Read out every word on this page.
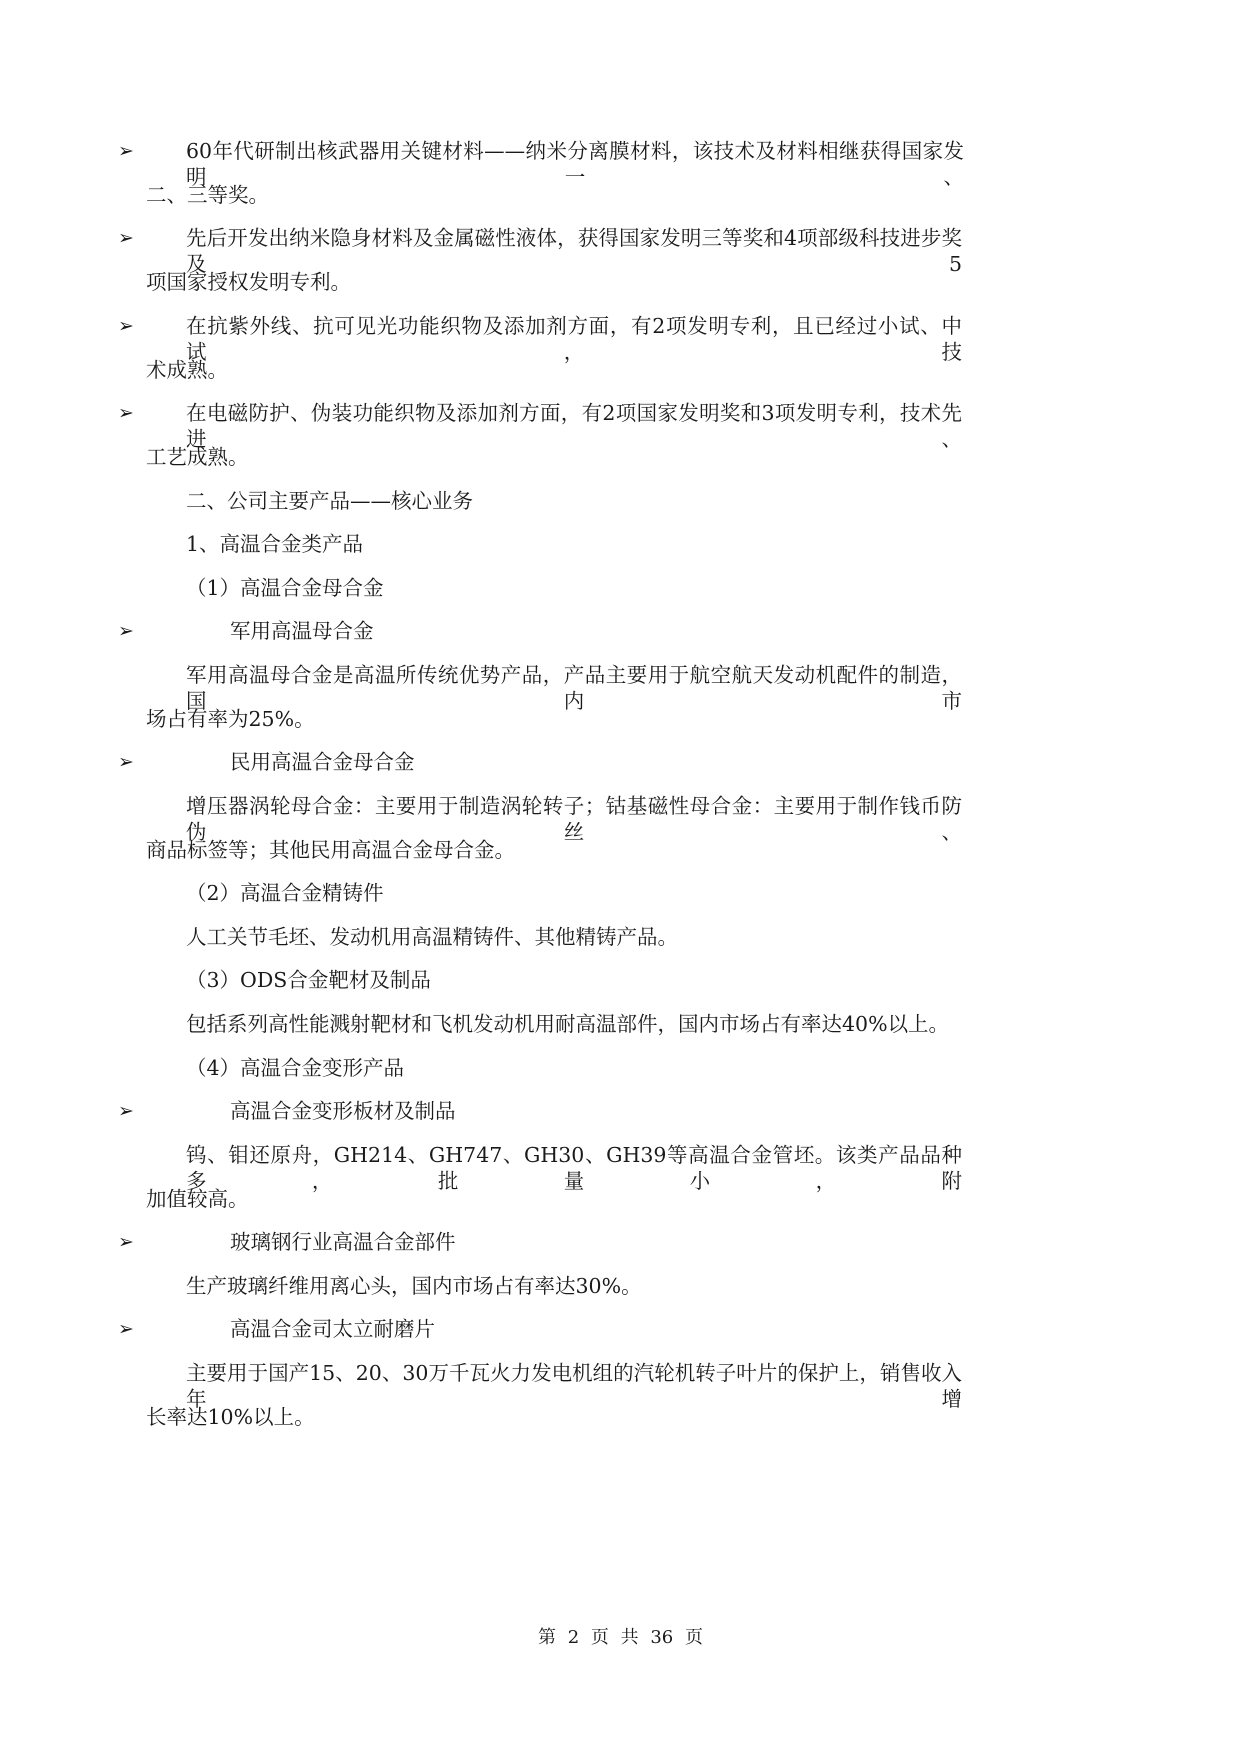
➢	60年代研制出核武器用关键材料——纳米分离膜材料，该技术及材料相继获得国家发明一、
二、三等奖。
➢	先后开发出纳米隐身材料及金属磁性液体，获得国家发明三等奖和4项部级科技进步奖及5
项国家授权发明专利。
➢	在抗紫外线、抗可见光功能织物及添加剂方面，有2项发明专利，且已经过小试、中试，技
术成熟。
➢	在电磁防护、伪装功能织物及添加剂方面，有2项国家发明奖和3项发明专利，技术先进、
工艺成熟。
二、公司主要产品——核心业务
1、高温合金类产品
（1）高温合金母合金
➢	军用高温母合金
军用高温母合金是高温所传统优势产品，产品主要用于航空航天发动机配件的制造，国内市
场占有率为25%。
➢	民用高温合金母合金
增压器涡轮母合金：主要用于制造涡轮转子；钴基磁性母合金：主要用于制作钱币防伪丝、
商品标签等；其他民用高温合金母合金。
（2）高温合金精铸件
人工关节毛坯、发动机用高温精铸件、其他精铸产品。
（3）ODS合金靶材及制品
包括系列高性能溅射靶材和飞机发动机用耐高温部件，国内市场占有率达40%以上。
（4）高温合金变形产品
➢	高温合金变形板材及制品
钨、钼还原舟，GH214、GH747、GH30、GH39等高温合金管坯。该类产品品种多，批量小，附
加值较高。
➢	玻璃钢行业高温合金部件
生产玻璃纤维用离心头，国内市场占有率达30%。
➢	高温合金司太立耐磨片
主要用于国产15、20、30万千瓦火力发电机组的汽轮机转子叶片的保护上，销售收入年增
长率达10%以上。
第 2 页 共 36 页
